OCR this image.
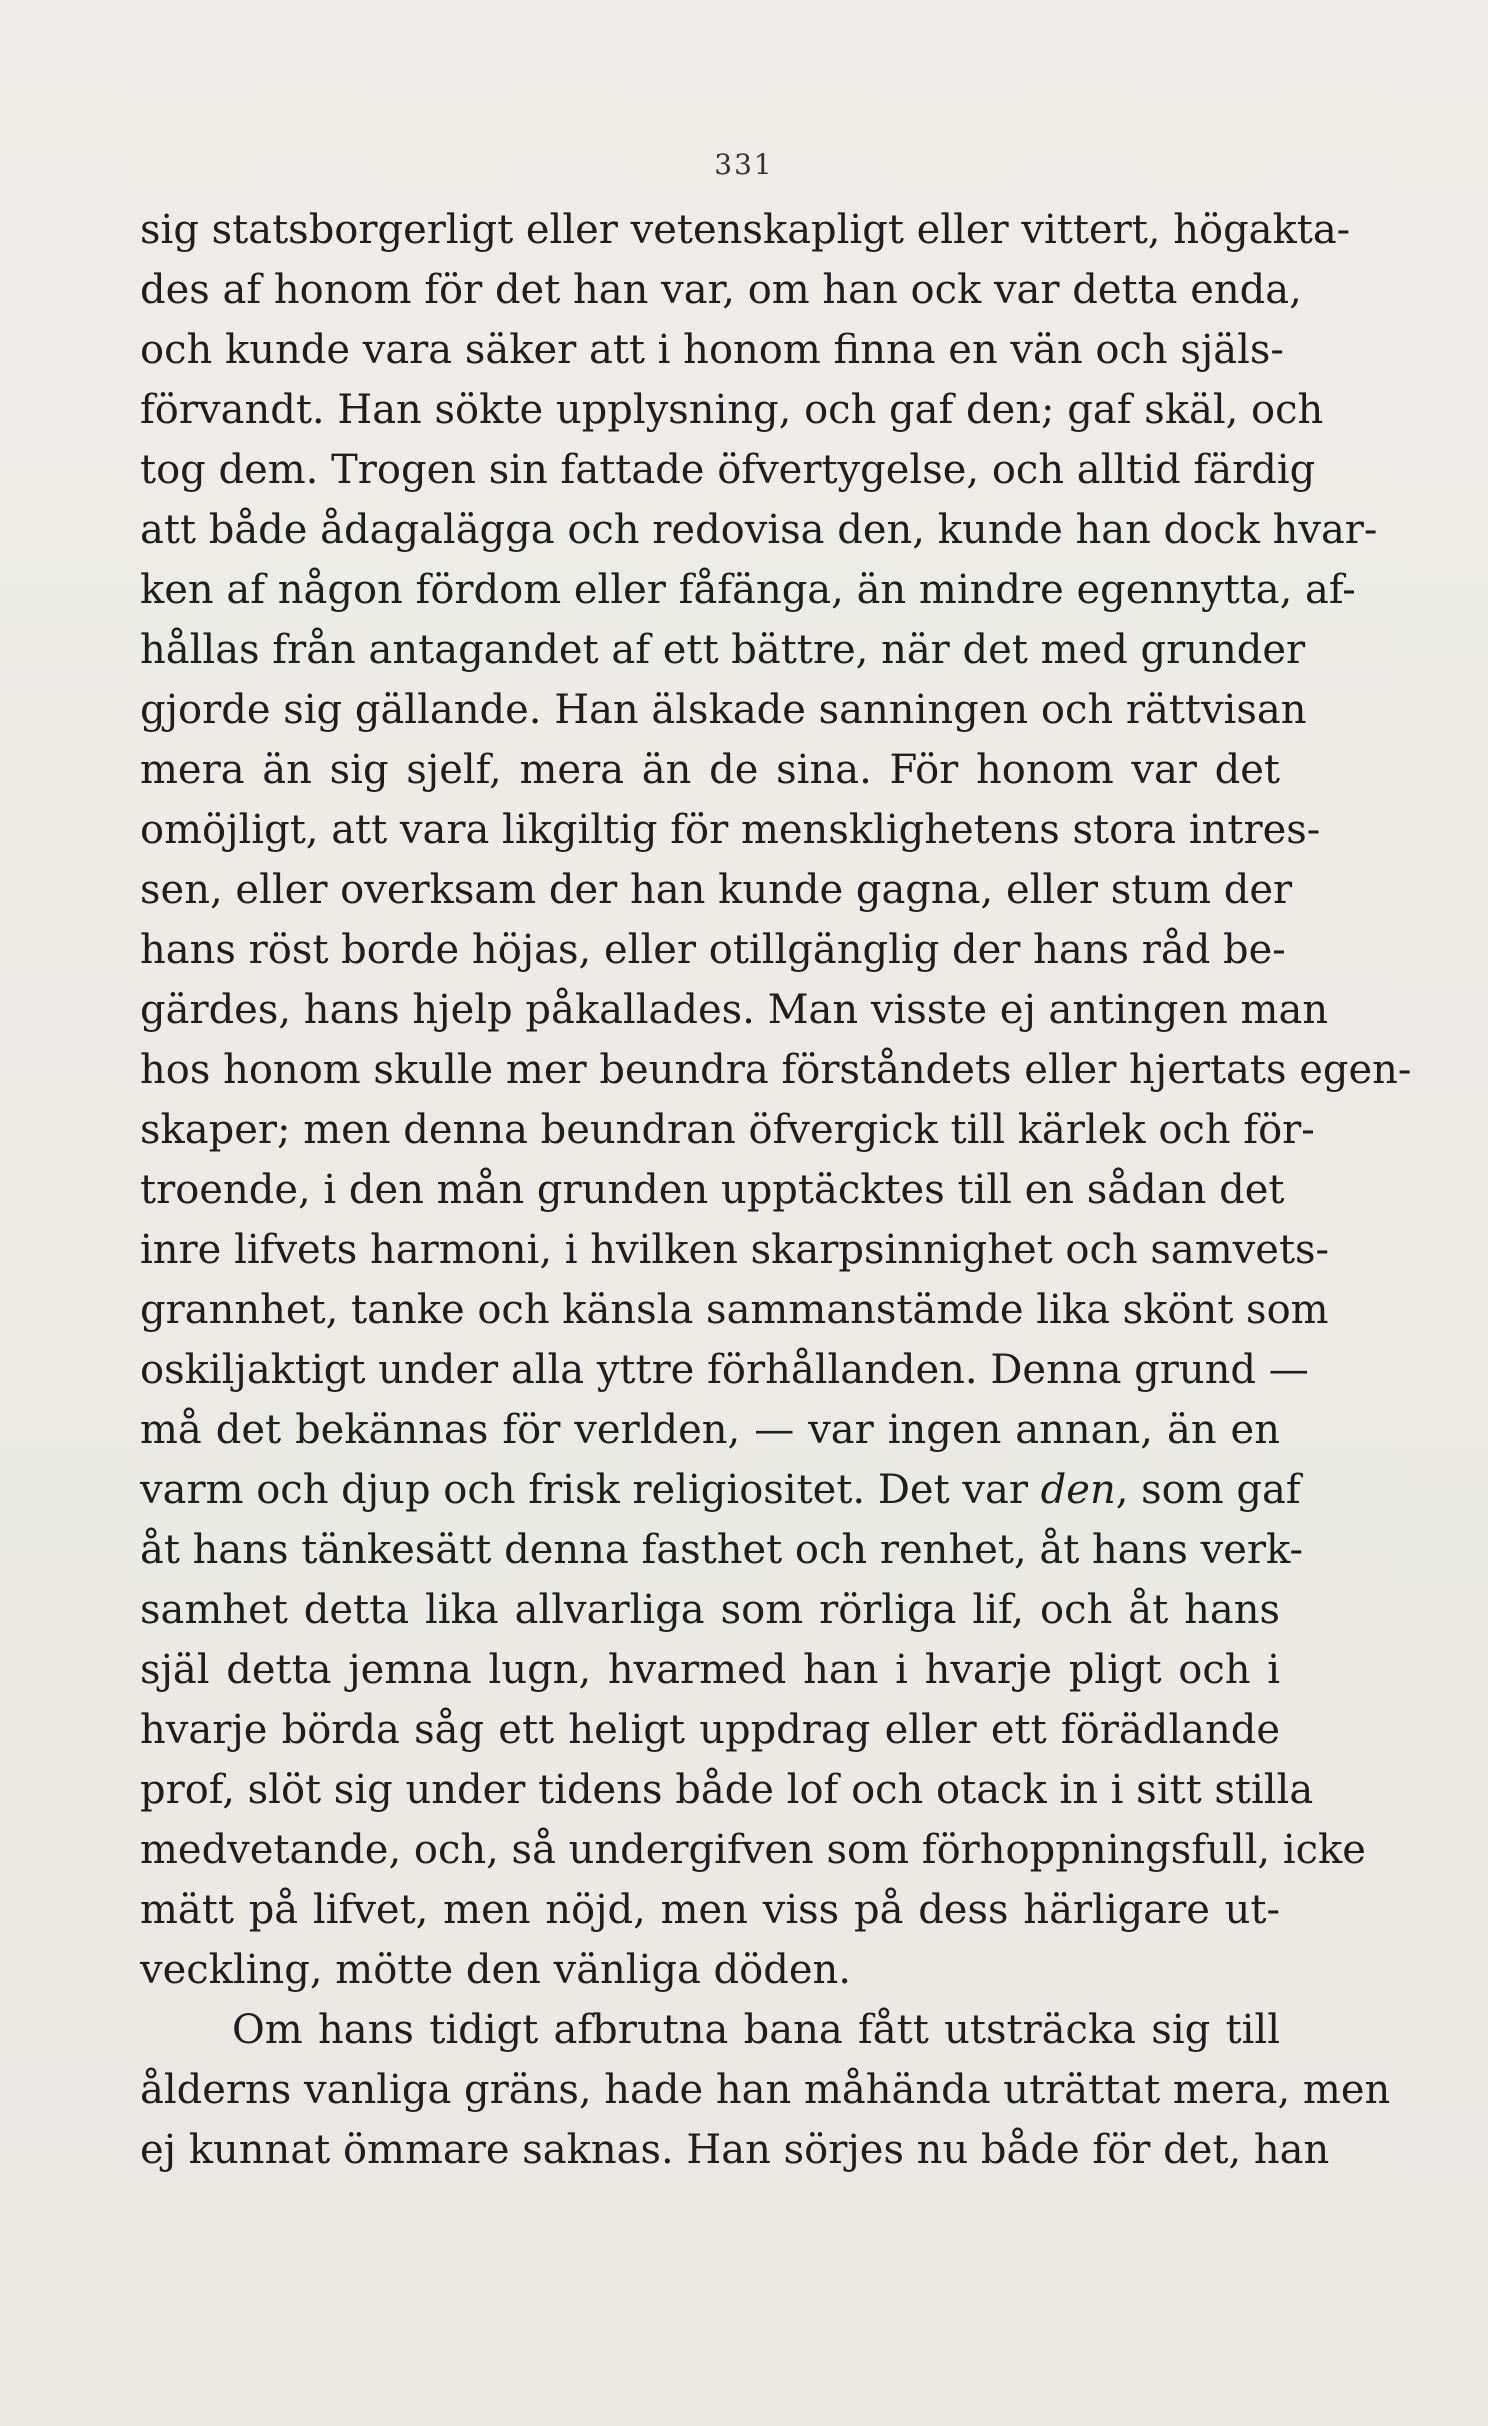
331
sig statsborgerligt eller vetenskapligt eller vittert, högakta-
des af honom för det han var, om han ock var detta enda,
och kunde vara säker att i honom finna en vän och själs-
förvandt. Han sökte upplysning, och gaf den; gaf skäl, och
tog dem. Trogen sin fattade öfvertygelse, och alltid färdig
att både ådagalägga och redovisa den, kunde han dock hvar-
ken af någon fördom eller fåfänga, än mindre egennytta, af-
hållas från antagandet af ett bättre, när det med grunder
gjorde sig gällande. Han älskade sanningen och rättvisan
mera än sig sjelf, mera än de sina. För honom var det
omöjligt, att vara likgiltig för mensklighetens stora intres-
sen, eller overksam der han kunde gagna, eller stum der
hans röst borde höjas, eller otillgänglig der hans råd be-
gärdes, hans hjelp påkallades. Man visste ej antingen man
hos honom skulle mer beundra förståndets eller hjertats egen-
skaper; men denna beundran öfvergick till kärlek och för-
troende, i den mån grunden upptäcktes till en sådan det
inre lifvets harmoni, i hvilken skarpsinnighet och samvets-
grannhet, tanke och känsla sammanstämde lika skönt som
oskiljaktigt under alla yttre förhållanden. Denna grund —
må det bekännas för verlden, — var ingen annan, än en
varm och djup och frisk religiositet. Det var den, som gaf
åt hans tänkesätt denna fasthet och renhet, åt hans verk-
samhet detta lika allvarliga som rörliga lif, och åt hans
själ detta jemna lugn, hvarmed han i hvarje pligt och i
hvarje börda såg ett heligt uppdrag eller ett förädlande
prof, slöt sig under tidens både lof och otack in i sitt stilla
medvetande, och, så undergifven som förhoppningsfull, icke
mätt på lifvet, men nöjd, men viss på dess härligare ut-
veckling, mötte den vänliga döden.
Om hans tidigt afbrutna bana fått utsträcka sig till
ålderns vanliga gräns, hade han måhända uträttat mera, men
ej kunnat ömmare saknas. Han sörjes nu både för det, han
